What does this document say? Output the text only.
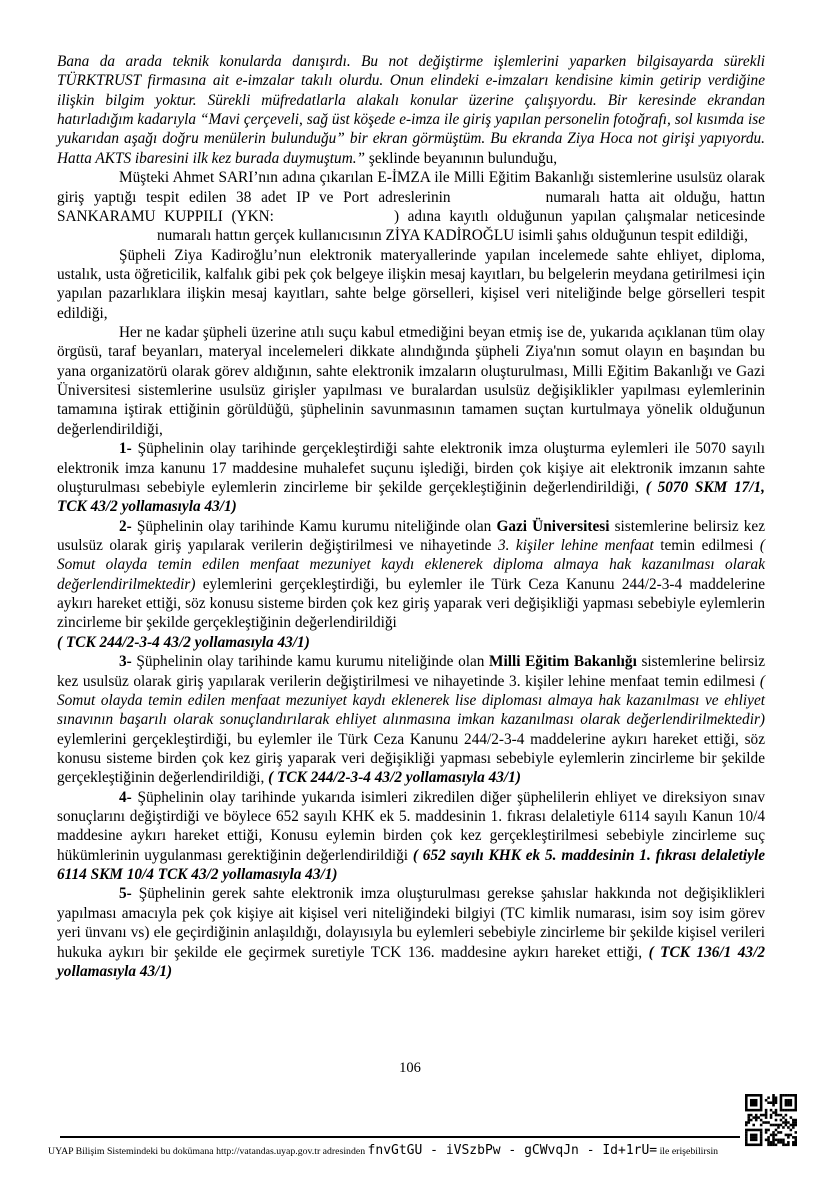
Bana da arada teknik konularda danışırdı. Bu not değiştirme işlemlerini yaparken bilgisayarda sürekli TÜRKTRUST firmasına ait e-imzalar takılı olurdu. Onun elindeki e-imzaları kendisine kimin getirip verdiğine ilişkin bilgim yoktur. Sürekli müfredatlarla alakalı konular üzerine çalışıyordu. Bir keresinde ekrandan hatırladığım kadarıyla “Mavi çerçeveli, sağ üst köşede e-imza ile giriş yapılan personelin fotoğrafı, sol kısımda ise yukarıdan aşağı doğru menülerin bulunduğu” bir ekran görmüştüm. Bu ekranda Ziya Hoca not girişi yapıyordu. Hatta AKTS ibaresini ilk kez burada duymuştum.” şeklinde beyanının bulunduğu,

Müşteki Ahmet SARI’nın adına çıkarılan E-İMZA ile Milli Eğitim Bakanlığı sistemlerine usulsüz olarak giriş yaptığı tespit edilen 38 adet IP ve Port adreslerinin	numaralı hatta ait olduğu, hattın SANKARAMU KUPPILI (YKN:	) adına kayıtlı olduğunun yapılan çalışmalar neticesindenumaralı hattın gerçek kullanıcısının ZİYA KADİROĞLU isimli şahıs olduğunun tespit edildiği,

Şüpheli Ziya Kadiroğlu’nun elektronik materyallerinde yapılan incelemede sahte ehliyet, diploma, ustalık, usta öğreticilik, kalfalık gibi pek çok belgeye ilişkin mesaj kayıtları, bu belgelerin meydana getirilmesi için yapılan pazarlıklara ilişkin mesaj kayıtları, sahte belge görselleri, kişisel veri niteliğinde belge görselleri tespit edildiği,

Her ne kadar şüpheli üzerine atılı suçu kabul etmediğini beyan etmiş ise de, yukarıda açıklanan tüm olay örgüsü, taraf beyanları, materyal incelemeleri dikkate alındığında şüpheli Ziya'nın somut olayın en başından bu yana organizatörü olarak görev aldığının, sahte elektronik imzaların oluşturulması, Milli Eğitim Bakanlığı ve Gazi Üniversitesi sistemlerine usulsüz girişler yapılması ve buralardan usulsüz değişiklikler yapılması eylemlerinin tamamına iştirak ettiğinin görüldüğü, şüphelinin savunmasının tamamen suçtan kurtulmaya yönelik olduğunun değerlendirildiği,

1- Şüphelinin olay tarihinde gerçekleştirdiği sahte elektronik imza oluşturma eylemleri ile 5070 sayılı elektronik imza kanunu 17 maddesine muhalefet suçunu işlediği, birden çok kişiye ait elektronik imzanın sahte oluşturulması sebebiyle eylemlerin zincirleme bir şekilde gerçekleştiğinin değerlendirildiği, ( 5070 SKM 17/1, TCK 43/2 yollamasıyla 43/1)

2- Şüphelinin olay tarihinde Kamu kurumu niteliğinde olan Gazi Üniversitesi sistemlerine belirsiz kez usulsüz olarak giriş yapılarak verilerin değiştirilmesi ve nihayetinde 3. kişiler lehine menfaat temin edilmesi ( Somut olayda temin edilen menfaat mezuniyet kaydı eklenerek diploma almaya hak kazanılması olarak değerlendirilmektedir) eylemlerini gerçekleştirdiği, bu eylemler ile Türk Ceza Kanunu 244/2-3-4 maddelerine aykırı hareket ettiği, söz konusu sisteme birden çok kez giriş yaparak veri değişikliği yapması sebebiyle eylemlerin zincirleme bir şekilde gerçekleştiğinin değerlendirildiği

( TCK 244/2-3-4 43/2 yollamasıyla 43/1)

3- Şüphelinin olay tarihinde kamu kurumu niteliğinde olan Milli Eğitim Bakanlığı sistemlerine belirsiz kez usulsüz olarak giriş yapılarak verilerin değiştirilmesi ve nihayetinde 3. kişiler lehine menfaat temin edilmesi ( Somut olayda temin edilen menfaat mezuniyet kaydı eklenerek lise diploması almaya hak kazanılması ve ehliyet sınavının başarılı olarak sonuçlandırılarak ehliyet alınmasına imkan kazanılması olarak değerlendirilmektedir) eylemlerini gerçekleştirdiği, bu eylemler ile Türk Ceza Kanunu 244/2-3-4 maddelerine aykırı hareket ettiği, söz konusu sisteme birden çok kez giriş yaparak veri değişikliği yapması sebebiyle eylemlerin zincirleme bir şekilde gerçekleştiğinin değerlendirildiği, ( TCK 244/2-3-4 43/2 yollamasıyla 43/1)

4- Şüphelinin olay tarihinde yukarıda isimleri zikredilen diğer şüphelilerin ehliyet ve direksiyon sınav sonuçlarını değiştirdiği ve böylece 652 sayılı KHK ek 5. maddesinin 1. fıkrası delaletiyle 6114 sayılı Kanun 10/4 maddesine aykırı hareket ettiği, Konusu eylemin birden çok kez gerçekleştirilmesi sebebiyle zincirleme suç hükümlerinin uygulanması gerektiğinin değerlendirildiği ( 652 sayılı KHK ek 5. maddesinin 1. fıkrası delaletiyle 6114 SKM 10/4 TCK 43/2 yollamasıyla 43/1)

5- Şüphelinin gerek sahte elektronik imza oluşturulması gerekse şahıslar hakkında not değişiklikleri yapılması amacıyla pek çok kişiye ait kişisel veri niteliğindeki bilgiyi (TC kimlik numarası, isim soy isim görev yeri ünvanı vs) ele geçirdiğinin anlaşıldığı, dolayısıyla bu eylemleri sebebiyle zincirleme bir şekilde kişisel verileri hukuka aykırı bir şekilde ele geçirmek suretiyle TCK 136. maddesine aykırı hareket ettiği, ( TCK 136/1 43/2 yollamasıyla 43/1)

106
UYAP Bilişim Sistemindeki bu dokümana http://vatandas.uyap.gov.tr adresinden fnvGtGU - iVSzbPw - gCWvqJn - Id+1rU= ile erişebilirsin
